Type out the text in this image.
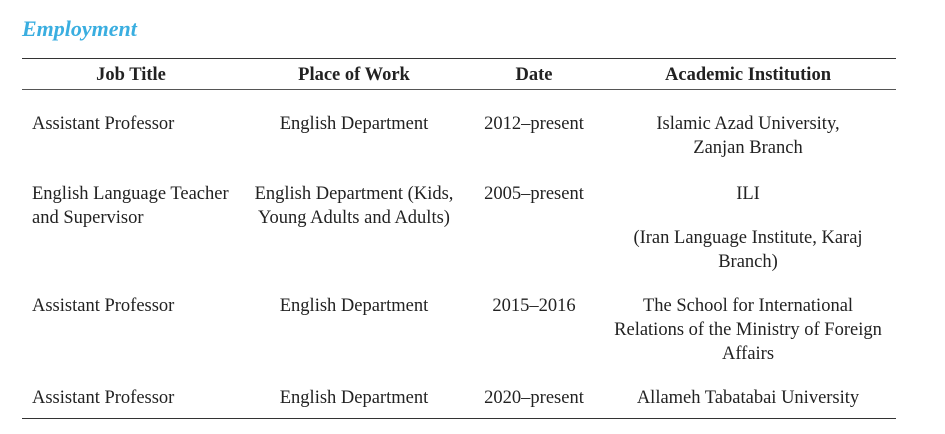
Employment
Job Title	Place of Work	Date	Academic Institution
Assistant Professor	English Department	2012–present	Islamic Azad University,
Zanjan Branch

English Language Teacher and Supervisor	English Department (Kids, Young Adults and Adults)	2005–present	ILI
(Iran Language Institute, Karaj Branch)

Assistant Professor	English Department	2015–2016	The School for International Relations of the Ministry of Foreign Affairs

Assistant Professor	English Department	2020–present	Allameh Tabatabai University
